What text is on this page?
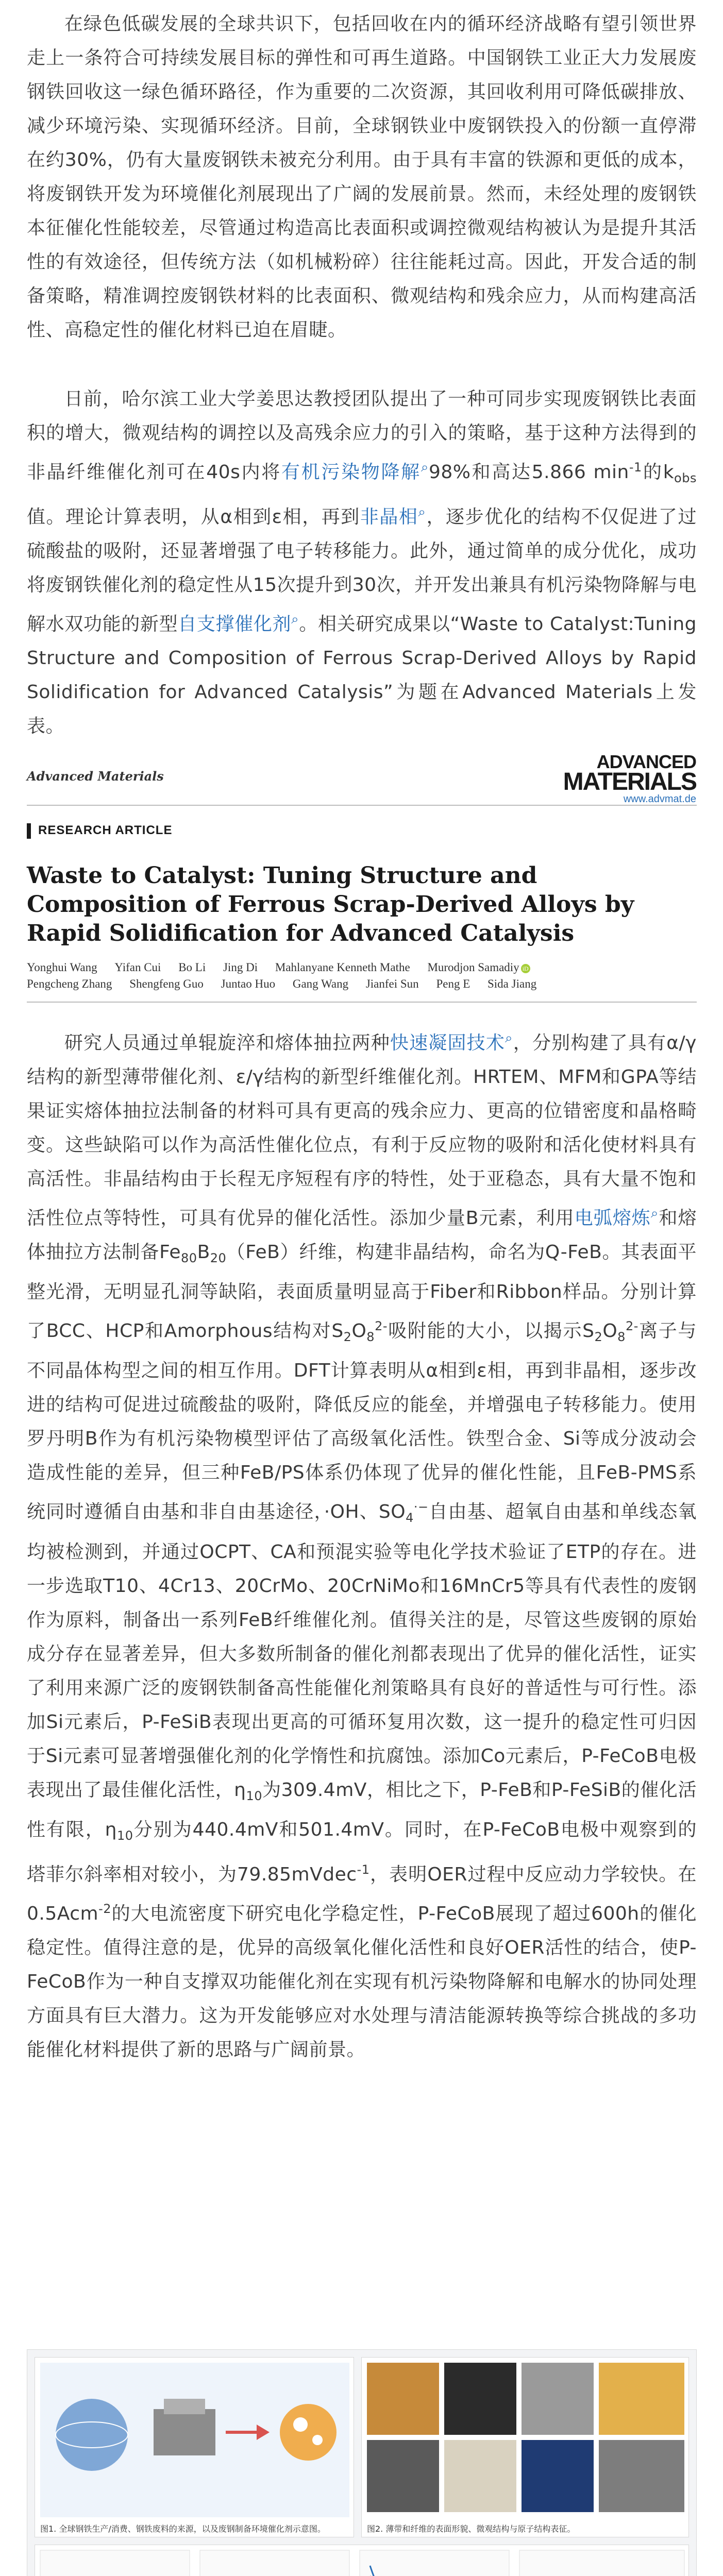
在绿色低碳发展的全球共识下，包括回收在内的循环经济战略有望引领世界走上一条符合可持续发展目标的弹性和可再生道路。中国钢铁工业正大力发展废钢铁回收这一绿色循环路径，作为重要的二次资源，其回收利用可降低碳排放、减少环境污染、实现循环经济。目前，全球钢铁业中废钢铁投入的份额一直停滞在约30%，仍有大量废钢铁未被充分利用。由于具有丰富的铁源和更低的成本，将废钢铁开发为环境催化剂展现出了广阔的发展前景。然而，未经处理的废钢铁本征催化性能较差，尽管通过构造高比表面积或调控微观结构被认为是提升其活性的有效途径，但传统方法（如机械粉碎）往往能耗过高。因此，开发合适的制备策略，精准调控废钢铁材料的比表面积、微观结构和残余应力，从而构建高活性、高稳定性的催化材料已迫在眉睫。
日前，哈尔滨工业大学姜思达教授团队提出了一种可同步实现废钢铁比表面积的增大，微观结构的调控以及高残余应力的引入的策略，基于这种方法得到的非晶纤维催化剂可在40s内将有机污染物降解⌕98%和高达5.866 $\min^{-1}$的$k_{obs}$值。理论计算表明，从α相到ε相，再到非晶相⌕，逐步优化的结构不仅促进了过硫酸盐的吸附，还显著增强了电子转移能力。此外，通过简单的成分优化，成功将废钢铁催化剂的稳定性从15次提升到30次，并开发出兼具有机污染物降解与电解水双功能的新型自支撑催化剂⌕。相关研究成果以“Waste to Catalyst:Tuning Structure and Composition of Ferrous Scrap-Derived Alloys by Rapid Solidification for Advanced Catalysis”为题在Advanced Materials上发表。
Advanced Materials
ADVANCED
MATERIALS
www.advmat.de
RESEARCH ARTICLE
Waste to Catalyst: Tuning Structure and Composition of Ferrous Scrap-Derived Alloys by Rapid Solidification for Advanced Catalysis
Yonghui Wang Yifan Cui Bo Li Jing Di Mahlanyane Kenneth Mathe Murodjon Samadiy iD
Pengcheng Zhang Shengfeng Guo Juntao Huo Gang Wang Jianfei Sun Peng E Sida Jiang
研究人员通过单辊旋淬和熔体抽拉两种快速凝固技术⌕，分别构建了具有α/γ结构的新型薄带催化剂、ε/γ结构的新型纤维催化剂。HRTEM、MFM和GPA等结果证实熔体抽拉法制备的材料可具有更高的残余应力、更高的位错密度和晶格畸变。这些缺陷可以作为高活性催化位点，有利于反应物的吸附和活化使材料具有高活性。非晶结构由于长程无序短程有序的特性，处于亚稳态，具有大量不饱和活性位点等特性，可具有优异的催化活性。添加少量B元素，利用电弧熔炼⌕和熔体抽拉方法制备$Fe_{80}B_{20}(FeB)$纤维，构建非晶结构，命名为Q-FeB。其表面平整光滑，无明显孔洞等缺陷，表面质量明显高于Fiber和Ribbon样品。分别计算了BCC、HCP和Amorphous结构对$S_2O_8^{2-}$吸附能的大小，以揭示$S_2O_8^{2-}$离子与不同晶体构型之间的相互作用。DFT计算表明从α相到ε相，再到非晶相，逐步改进的结构可促进过硫酸盐的吸附，降低反应的能垒，并增强电子转移能力。使用罗丹明B作为有机污染物模型评估了高级氧化活性。铁型合金、Si等成分波动会造成性能的差异，但三种FeB/PS体系仍体现了优异的催化性能，且FeB-PMS系统同时遵循自由基和非自由基途径，·OH、$SO_4^{\cdot-}$自由基、超氧自由基和单线态氧均被检测到，并通过OCPT、CA和预混实验等电化学技术验证了ETP的存在。进一步选取T10、4Cr13、20CrMo、20CrNiMo和16MnCr5等具有代表性的废钢作为原料，制备出一系列FeB纤维催化剂。值得关注的是，尽管这些废钢的原始成分存在显著差异，但大多数所制备的催化剂都表现出了优异的催化活性，证实了利用来源广泛的废钢铁制备高性能催化剂策略具有良好的普适性与可行性。添加Si元素后，P-FeSiB表现出更高的可循环复用次数，这一提升的稳定性可归因于Si元素可显著增强催化剂的化学惰性和抗腐蚀。添加Co元素后，P-FeCoB电极表现出了最佳催化活性，$\eta_{10}$为309.4mV，相比之下，P-FeB和P-FeSiB的催化活性有限，$\eta_{10}$分别为440.4mV和501.4mV。同时，在P-FeCoB电极中观察到的塔菲尔斜率相对较小，为79.85mVdec$^{-1}$，表明OER过程中反应动力学较快。在0.5Acm$^{-2}$的大电流密度下研究电化学稳定性，P-FeCoB展现了超过600h的催化稳定性。值得注意的是，优异的高级氧化催化活性和良好OER活性的结合，使P-FeCoB作为一种自支撑双功能催化剂在实现有机污染物降解和电解水的协同处理方面具有巨大潜力。这为开发能够应对水处理与清洁能源转换等综合挑战的多功能催化材料提供了新的思路与广阔前景。
图1. 全球钢铁生产/消费、钢铁废料的来源，以及废钢制备环境催化剂示意图。	图2. 薄带和纤维的表面形貌、微观结构与原子结构表征。
